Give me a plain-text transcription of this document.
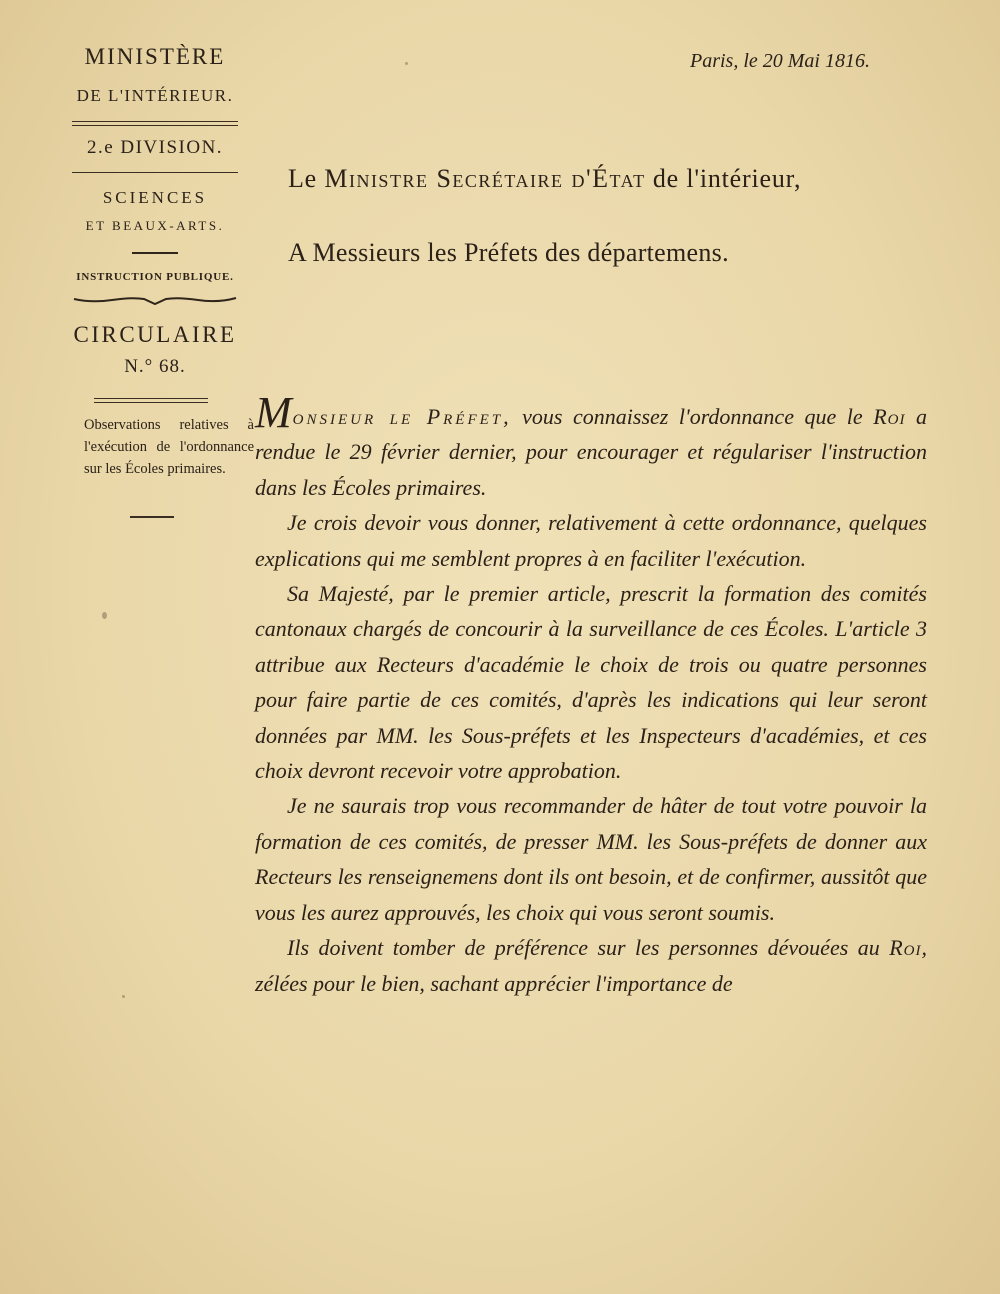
MINISTÈRE
DE L'INTÉRIEUR.
2.e DIVISION.
SCIENCES
ET BEAUX-ARTS.
INSTRUCTION PUBLIQUE.
CIRCULAIRE
N.° 68.
Observations relatives à l'exécution de l'ordonnance sur les Écoles primaires.
Paris, le 20 Mai 1816.
Le Ministre Secrétaire d'État de l'intérieur,
A Messieurs les Préfets des départemens.

Monsieur le Préfet, vous connaissez l'ordonnance que le Roi a rendue le 29 février dernier, pour encourager et régulariser l'instruction dans les Écoles primaires.

Je crois devoir vous donner, relativement à cette ordonnance, quelques explications qui me semblent propres à en faciliter l'exécution.

Sa Majesté, par le premier article, prescrit la formation des comités cantonaux chargés de concourir à la surveillance de ces Écoles. L'article 3 attribue aux Recteurs d'académie le choix de trois ou quatre personnes pour faire partie de ces comités, d'après les indications qui leur seront données par MM. les Sous-préfets et les Inspecteurs d'académies, et ces choix devront recevoir votre approbation.

Je ne saurais trop vous recommander de hâter de tout votre pouvoir la formation de ces comités, de presser MM. les Sous-préfets de donner aux Recteurs les renseignemens dont ils ont besoin, et de confirmer, aussitôt que vous les aurez approuvés, les choix qui vous seront soumis.

Ils doivent tomber de préférence sur les personnes dévouées au Roi, zélées pour le bien, sachant apprécier l'importance de
